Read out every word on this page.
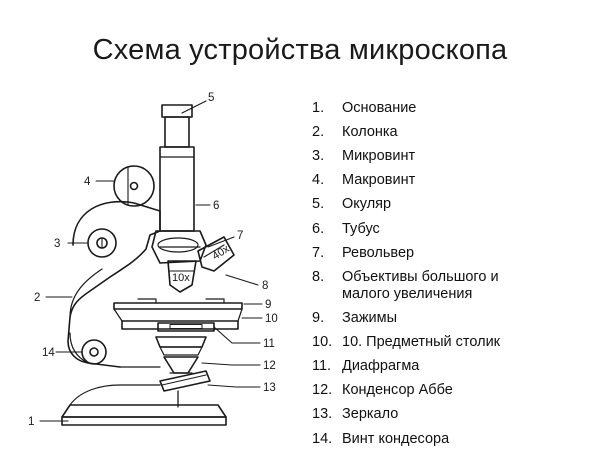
Схема устройства микроскопа
10x
40x
5
4
6
3
7
2
8
9
10
11
12
13
14
1
1.	Основание
2.	Колонка
3.	Микровинт
4.	Макровинт
5.	Окуляр
6.	Тубус
7.	Револьвер
8.	Объективы большого и
малого увеличения
9.	Зажимы
10. 10. Предметный столик
11. Диафрагма
12. Конденсор Аббе
13. Зеркало
14. Винт кондесора
